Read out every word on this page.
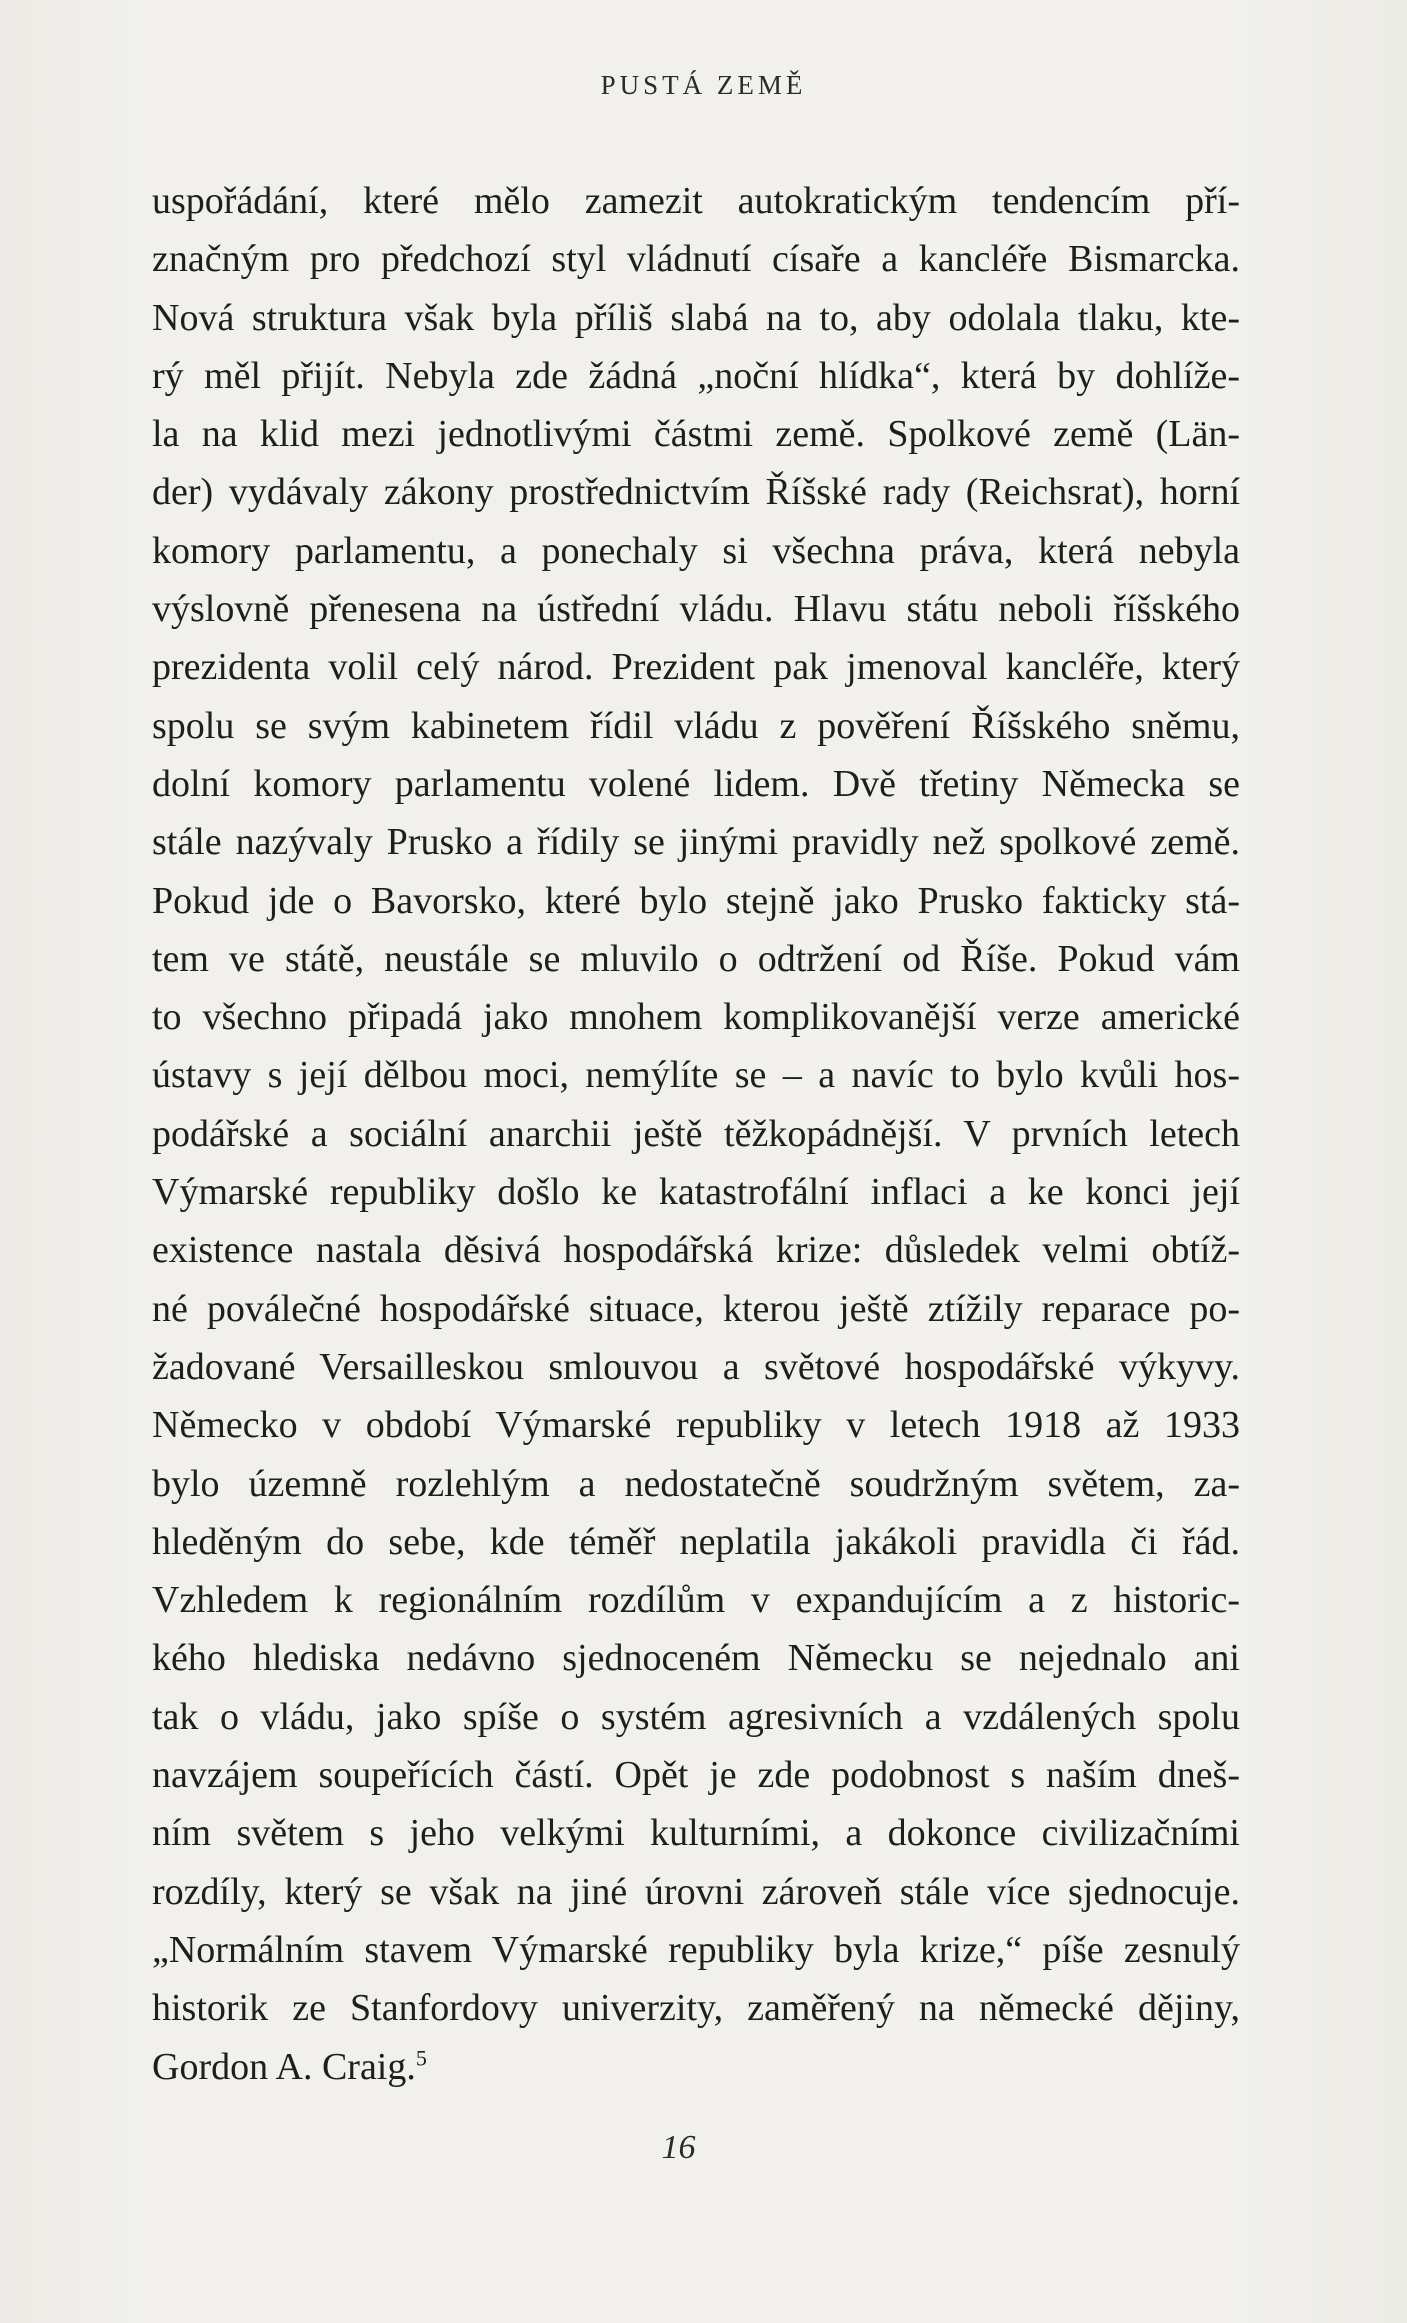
PUSTÁ ZEMĚ
uspořádání, které mělo zamezit autokratickým tendencím pří-
značným pro předchozí styl vládnutí císaře a kancléře Bismarcka.
Nová struktura však byla příliš slabá na to, aby odolala tlaku, kte-
rý měl přijít. Nebyla zde žádná „noční hlídka“, která by dohlíže-
la na klid mezi jednotlivými částmi země. Spolkové země (Län-
der) vydávaly zákony prostřednictvím Říšské rady (Reichsrat), horní
komory parlamentu, a ponechaly si všechna práva, která nebyla
výslovně přenesena na ústřední vládu. Hlavu státu neboli říšského
prezidenta volil celý národ. Prezident pak jmenoval kancléře, který
spolu se svým kabinetem řídil vládu z pověření Říšského sněmu,
dolní komory parlamentu volené lidem. Dvě třetiny Německa se
stále nazývaly Prusko a řídily se jinými pravidly než spolkové země.
Pokud jde o Bavorsko, které bylo stejně jako Prusko fakticky stá-
tem ve státě, neustále se mluvilo o odtržení od Říše. Pokud vám
to všechno připadá jako mnohem komplikovanější verze americké
ústavy s její dělbou moci, nemýlíte se – a navíc to bylo kvůli hos-
podářské a sociální anarchii ještě těžkopádnější. V prvních letech
Výmarské republiky došlo ke katastrofální inflaci a ke konci její
existence nastala děsivá hospodářská krize: důsledek velmi obtíž-
né poválečné hospodářské situace, kterou ještě ztížily reparace po-
žadované Versailleskou smlouvou a světové hospodářské výkyvy.
Německo v období Výmarské republiky v letech 1918 až 1933
bylo územně rozlehlým a nedostatečně soudržným světem, za-
hleděným do sebe, kde téměř neplatila jakákoli pravidla či řád.
Vzhledem k regionálním rozdílům v expandujícím a z historic-
kého hlediska nedávno sjednoceném Německu se nejednalo ani
tak o vládu, jako spíše o systém agresivních a vzdálených spolu
navzájem soupeřících částí. Opět je zde podobnost s naším dneš-
ním světem s jeho velkými kulturními, a dokonce civilizačními
rozdíly, který se však na jiné úrovni zároveň stále více sjednocuje.
„Normálním stavem Výmarské republiky byla krize,“ píše zesnulý
historik ze Stanfordovy univerzity, zaměřený na německé dějiny,
Gordon A. Craig.$^5$
16
